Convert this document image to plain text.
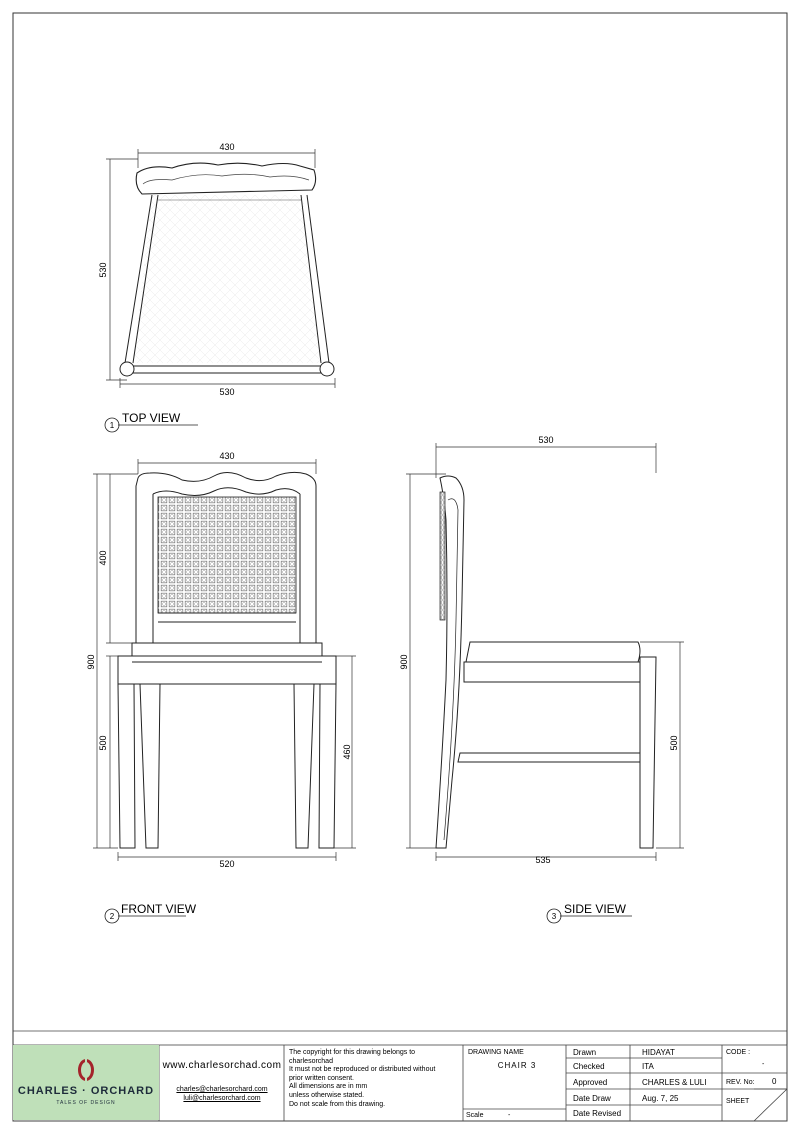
430
530
530
1
TOP VIEW
430
900
400
500
460
520
2
FRONT VIEW
530
900
500
535
3
SIDE VIEW
DRAWING NAME
CHAIR 3
Scale	-
Drawn	HIDAYAT
Checked	ITA
Approved	CHARLES & LULI
Date Draw	Aug. 7, 25
Date Revised
CODE :
-
REV. No: 0
SHEET
CHARLES · ORCHARD
TALES OF DESIGN
www.charlesorchad.com
charles@charlesorchard.com
luli@charlesorchard.com
The copyright for this drawing belongs to
charlesorchad
It must not be reproduced or distributed without
prior written consent.
All dimensions are in mm
unless otherwise stated.
Do not scale from this drawing.
